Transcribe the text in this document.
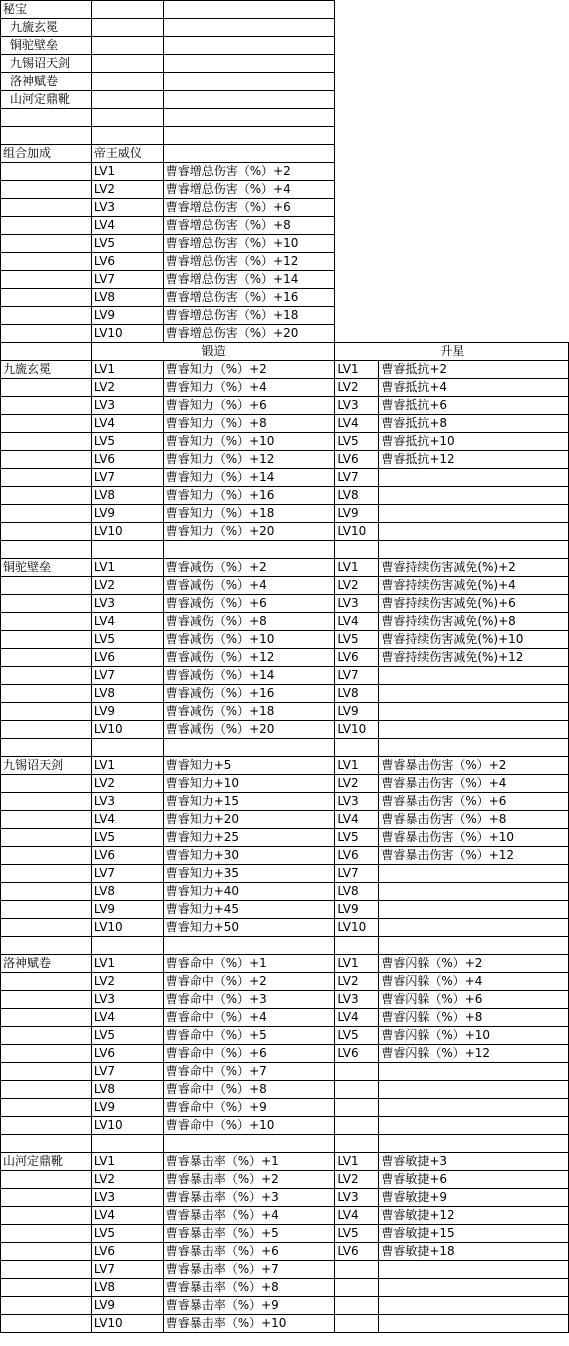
秘宝				
九旒玄冕				
铜驼壁垒				
九锡诏天剑				
洛神赋卷				
山河定鼎靴				

组合加成	帝王威仪			
	LV1	曹睿增总伤害（%）+2		
	LV2	曹睿增总伤害（%）+4		
	LV3	曹睿增总伤害（%）+6		
	LV4	曹睿增总伤害（%）+8		
	LV5	曹睿增总伤害（%）+10		
	LV6	曹睿增总伤害（%）+12		
	LV7	曹睿增总伤害（%）+14		
	LV8	曹睿增总伤害（%）+16		
	LV9	曹睿增总伤害（%）+18		
	LV10	曹睿增总伤害（%）+20		
	锻造		升星	
九旒玄冕	LV1	曹睿知力（%）+2	LV1	曹睿抵抗+2
	LV2	曹睿知力（%）+4	LV2	曹睿抵抗+4
	LV3	曹睿知力（%）+6	LV3	曹睿抵抗+6
	LV4	曹睿知力（%）+8	LV4	曹睿抵抗+8
	LV5	曹睿知力（%）+10	LV5	曹睿抵抗+10
	LV6	曹睿知力（%）+12	LV6	曹睿抵抗+12
	LV7	曹睿知力（%）+14	LV7	
	LV8	曹睿知力（%）+16	LV8	
	LV9	曹睿知力（%）+18	LV9	
	LV10	曹睿知力（%）+20	LV10	

铜驼壁垒	LV1	曹睿减伤（%）+2	LV1	曹睿持续伤害减免(%)+2
	LV2	曹睿减伤（%）+4	LV2	曹睿持续伤害减免(%)+4
	LV3	曹睿减伤（%）+6	LV3	曹睿持续伤害减免(%)+6
	LV4	曹睿减伤（%）+8	LV4	曹睿持续伤害减免(%)+8
	LV5	曹睿减伤（%）+10	LV5	曹睿持续伤害减免(%)+10
	LV6	曹睿减伤（%）+12	LV6	曹睿持续伤害减免(%)+12
	LV7	曹睿减伤（%）+14	LV7	
	LV8	曹睿减伤（%）+16	LV8	
	LV9	曹睿减伤（%）+18	LV9	
	LV10	曹睿减伤（%）+20	LV10	

九锡诏天剑	LV1	曹睿知力+5	LV1	曹睿暴击伤害（%）+2
	LV2	曹睿知力+10	LV2	曹睿暴击伤害（%）+4
	LV3	曹睿知力+15	LV3	曹睿暴击伤害（%）+6
	LV4	曹睿知力+20	LV4	曹睿暴击伤害（%）+8
	LV5	曹睿知力+25	LV5	曹睿暴击伤害（%）+10
	LV6	曹睿知力+30	LV6	曹睿暴击伤害（%）+12
	LV7	曹睿知力+35	LV7	
	LV8	曹睿知力+40	LV8	
	LV9	曹睿知力+45	LV9	
	LV10	曹睿知力+50	LV10	

洛神赋卷	LV1	曹睿命中（%）+1	LV1	曹睿闪躲（%）+2
	LV2	曹睿命中（%）+2	LV2	曹睿闪躲（%）+4
	LV3	曹睿命中（%）+3	LV3	曹睿闪躲（%）+6
	LV4	曹睿命中（%）+4	LV4	曹睿闪躲（%）+8
	LV5	曹睿命中（%）+5	LV5	曹睿闪躲（%）+10
	LV6	曹睿命中（%）+6	LV6	曹睿闪躲（%）+12
	LV7	曹睿命中（%）+7		
	LV8	曹睿命中（%）+8		
	LV9	曹睿命中（%）+9		
	LV10	曹睿命中（%）+10		

山河定鼎靴	LV1	曹睿暴击率（%）+1	LV1	曹睿敏捷+3
	LV2	曹睿暴击率（%）+2	LV2	曹睿敏捷+6
	LV3	曹睿暴击率（%）+3	LV3	曹睿敏捷+9
	LV4	曹睿暴击率（%）+4	LV4	曹睿敏捷+12
	LV5	曹睿暴击率（%）+5	LV5	曹睿敏捷+15
	LV6	曹睿暴击率（%）+6	LV6	曹睿敏捷+18
	LV7	曹睿暴击率（%）+7		
	LV8	曹睿暴击率（%）+8		
	LV9	曹睿暴击率（%）+9		
	LV10	曹睿暴击率（%）+10		
